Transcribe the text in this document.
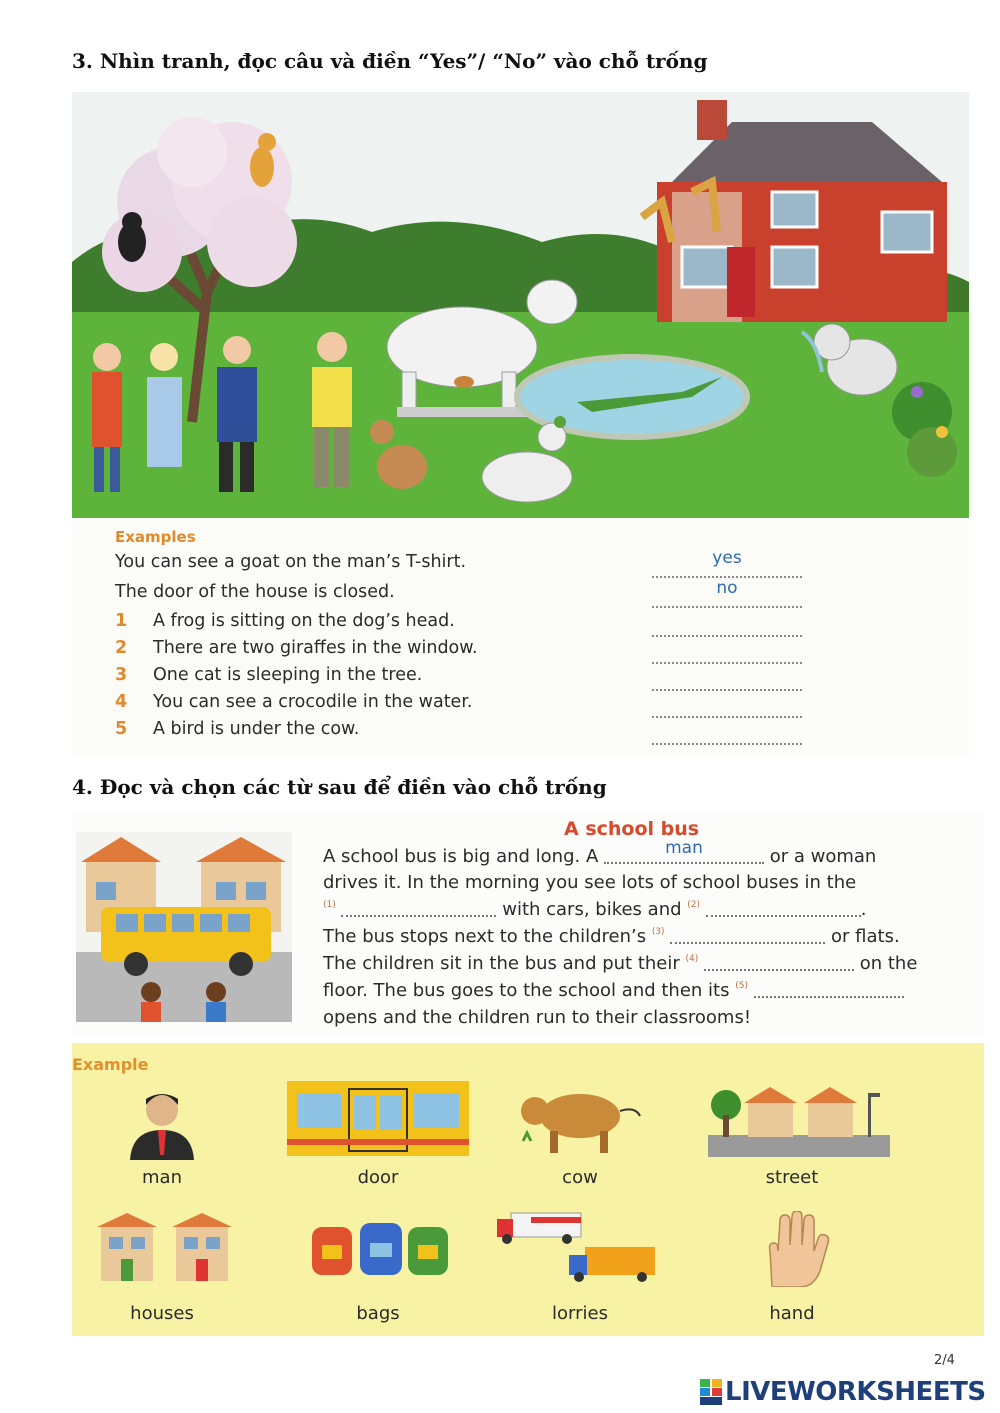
3. Nhìn tranh, đọc câu và điền “Yes”/ “No” vào chỗ trống
Examples
You can see a goat on the man’s T-shirt.	yes
The door of the house is closed.	no
1 A frog is sitting on the dog’s head.
2 There are two giraffes in the window.
3 One cat is sleeping in the tree.
4 You can see a crocodile in the water.
5 A bird is under the cow.
4. Đọc và chọn các từ sau để điền vào chỗ trống
A school bus
A school bus is big and long. A	man	or a woman
drives it. In the morning you see lots of school buses in the
$^{(1)}$	with cars, bikes and $^{(2)}$	.
The bus stops next to the children’s $^{(3)}$	or flats.
The children sit in the bus and put their $^{(4)}$	on the
floor. The bus goes to the school and then its $^{(5)}$
opens and the children run to their classrooms!
Example
man	door	cow	street
houses	bags	lorries	hand
2/4
LIVEWORKSHEETS
